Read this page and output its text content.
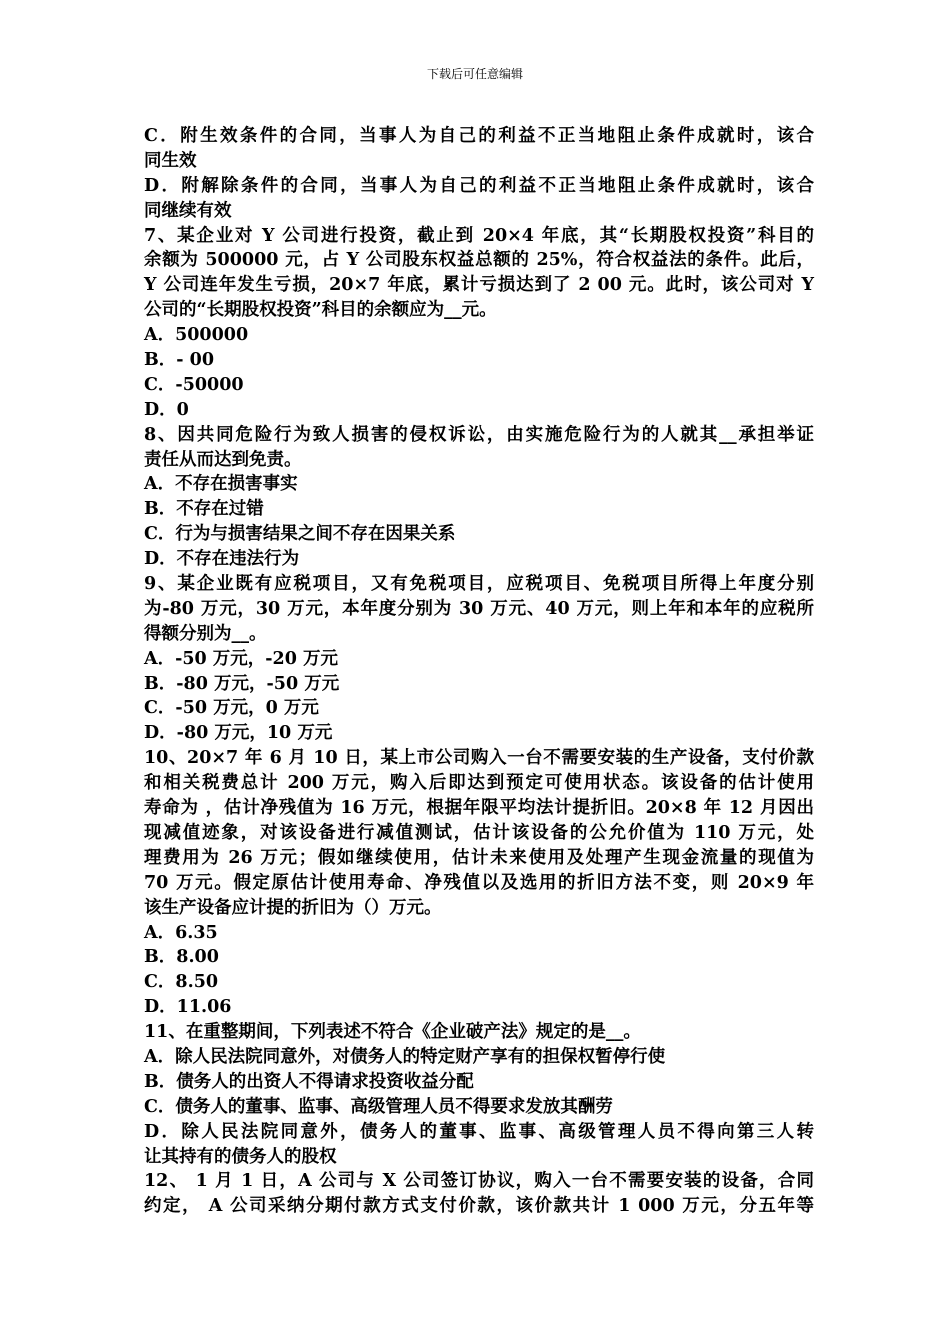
下载后可任意编辑
C．附生效条件的合同，当事人为自己的利益不正当地阻止条件成就时，该合
同生效
D．附解除条件的合同，当事人为自己的利益不正当地阻止条件成就时，该合
同继续有效
7、某企业对 Y 公司进行投资，截止到 20×4 年底，其“长期股权投资”科目的
余额为 500000 元，占 Y 公司股东权益总额的 25%，符合权益法的条件。此后，
Y 公司连年发生亏损，20×7 年底，累计亏损达到了 2 00 元。此时，该公司对 Y
公司的“长期股权投资”科目的余额应为__元。
A．500000
B．- 00
C．-50000
D．0
8、因共同危险行为致人损害的侵权诉讼，由实施危险行为的人就其__承担举证
责任从而达到免责。
A．不存在损害事实
B．不存在过错
C．行为与损害结果之间不存在因果关系
D．不存在违法行为
9、某企业既有应税项目，又有免税项目，应税项目、免税项目所得上年度分别
为-80 万元，30 万元，本年度分别为 30 万元、40 万元，则上年和本年的应税所
得额分别为__。
A．-50 万元，-20 万元
B．-80 万元，-50 万元
C．-50 万元，0 万元
D．-80 万元，10 万元
10、20×7 年 6 月 10 日，某上市公司购入一台不需要安装的生产设备，支付价款
和相关税费总计 200 万元，购入后即达到预定可使用状态。该设备的估计使用
寿命为 ，估计净残值为 16 万元，根据年限平均法计提折旧。20×8 年 12 月因出
现减值迹象，对该设备进行减值测试，估计该设备的公允价值为 110 万元，处
理费用为 26 万元；假如继续使用，估计未来使用及处理产生现金流量的现值为
70 万元。假定原估计使用寿命、净残值以及选用的折旧方法不变，则 20×9 年
该生产设备应计提的折旧为（）万元。
A．6.35
B．8.00
C．8.50
D．11.06
11、在重整期间，下列表述不符合《企业破产法》规定的是__。
A．除人民法院同意外，对债务人的特定财产享有的担保权暂停行使
B．债务人的出资人不得请求投资收益分配
C．债务人的董事、监事、高级管理人员不得要求发放其酬劳
D．除人民法院同意外，债务人的董事、监事、高级管理人员不得向第三人转
让其持有的债务人的股权
12、 1 月 1 日，A 公司与 X 公司签订协议，购入一台不需要安装的设备，合同
约定， A 公司采纳分期付款方式支付价款，该价款共计 1 000 万元，分五年等
